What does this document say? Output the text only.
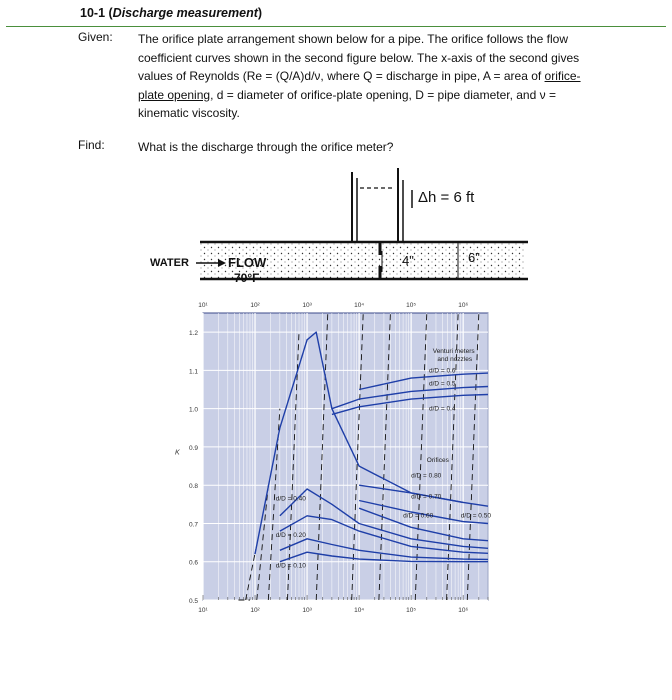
10-1 (Discharge measurement)
Given: The orifice plate arrangement shown below for a pipe. The orifice follows the flow coefficient curves shown in the second figure below. The x-axis of the second gives values of Reynolds (Re = (Q/A)d/ν, where Q = discharge in pipe, A = area of orifice-plate opening, d = diameter of orifice-plate opening, D = pipe diameter, and ν = kinematic viscosity.
Find:	What is the discharge through the orifice meter?
Δh = 6 ft
WATER	FLOW
70°F
4"	6"
0.5
0.6
0.7
0.8
0.9
1.0
1.1
1.2
10¹
10¹
10²
10²
10³
10³
10⁴
10⁴
10⁵
10⁵
10⁶
10⁶
K
Venturi meters
and nozzles
d/D = 0.6
d/D = 0.5
d/D = 0.4
Orifices
d/D = 0.80
d/D = 0.70
d/D = 0.60	d/D = 0.50
d/D = 0.40
d/D = 0.20
d/D = 0.10
